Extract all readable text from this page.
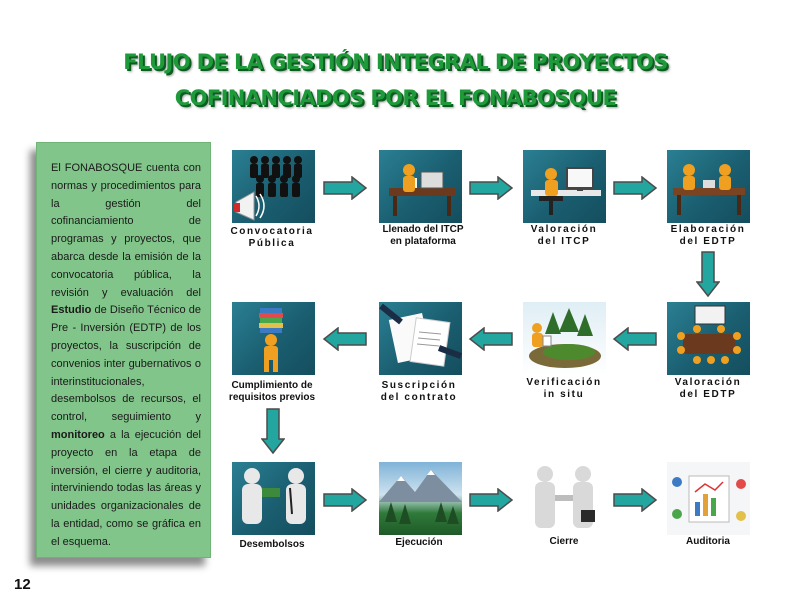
FLUJO DE LA GESTIÓN INTEGRAL DE PROYECTOS
COFINANCIADOS POR EL FONABOSQUE
El FONABOSQUE cuenta con normas y procedimientos para la gestión del cofinanciamiento de programas y proyectos, que abarca desde la emisión de la convocatoria pública, la revisión y evaluación del Estudio de Diseño Técnico de Pre - Inversión (EDTP) de los proyectos, la suscripción de convenios inter gubernativos o interinstitucionales, desembolsos de recursos, el control, seguimiento y monitoreo a la ejecución del proyecto en la etapa de inversión, el cierre y auditoria, interviniendo todas las áreas y unidades organizacionales de la entidad, como se gráfica en el esquema.
Convocatoria
Pública
Llenado del ITCP
en plataforma
Valoración
del ITCP
Elaboración
del EDTP
Cumplimiento de
requisitos previos
Suscripción
del contrato
Verificación
in situ
Valoración
del EDTP
Desembolsos	Ejecución	Cierre	Auditoria
12
